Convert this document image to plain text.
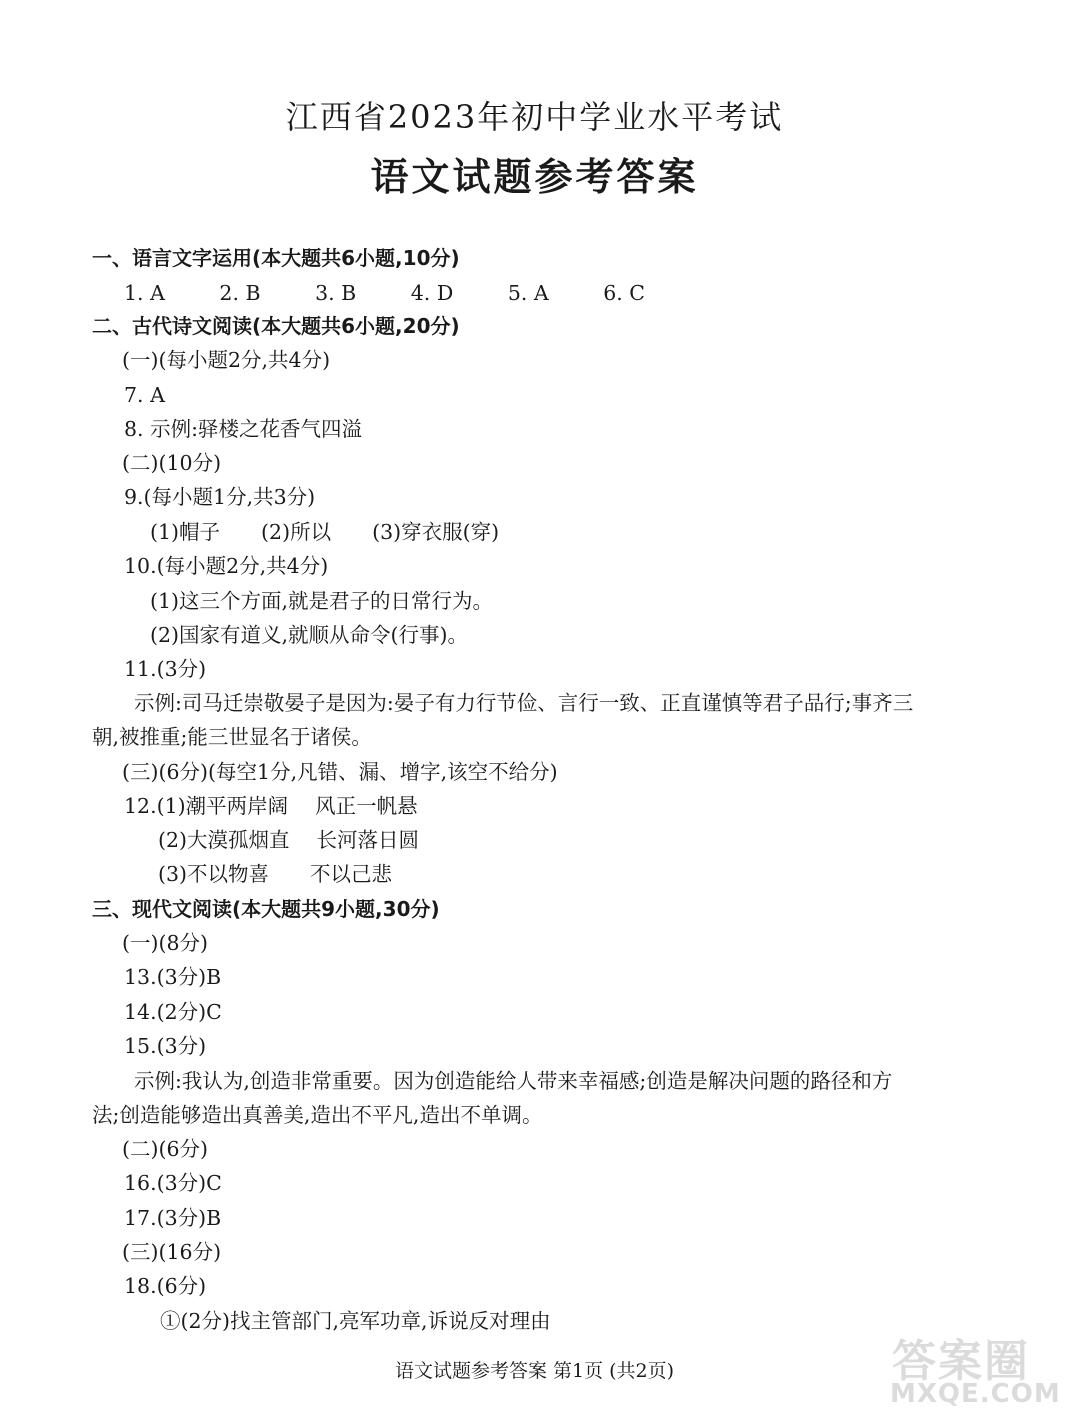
江西省2023年初中学业水平考试
语文试题参考答案
一、语言文字运用(本大题共6小题,10分)
1. A	2. B	3. B	4. D	5. A	6. C
二、古代诗文阅读(本大题共6小题,20分)
(一)(每小题2分,共4分)
7. A
8. 示例:驿楼之花香气四溢
(二)(10分)
9.(每小题1分,共3分)
(1)帽子　　(2)所以　　(3)穿衣服(穿)
10.(每小题2分,共4分)
(1)这三个方面,就是君子的日常行为。
(2)国家有道义,就顺从命令(行事)。
11.(3分)
示例:司马迁崇敬晏子是因为:晏子有力行节俭、言行一致、正直谨慎等君子品行;事齐三
朝,被推重;能三世显名于诸侯。
(三)(6分)(每空1分,凡错、漏、增字,该空不给分)
12.(1)潮平两岸阔　 风正一帆悬
(2)大漠孤烟直　 长河落日圆
(3)不以物喜　　不以己悲
三、现代文阅读(本大题共9小题,30分)
(一)(8分)
13.(3分)B
14.(2分)C
15.(3分)
示例:我认为,创造非常重要。因为创造能给人带来幸福感;创造是解决问题的路径和方
法;创造能够造出真善美,造出不平凡,造出不单调。
(二)(6分)
16.(3分)C
17.(3分)B
(三)(16分)
18.(6分)
①(2分)找主管部门,亮军功章,诉说反对理由
语文试题参考答案 第1页 (共2页)	答案圈
MXQE.COM
